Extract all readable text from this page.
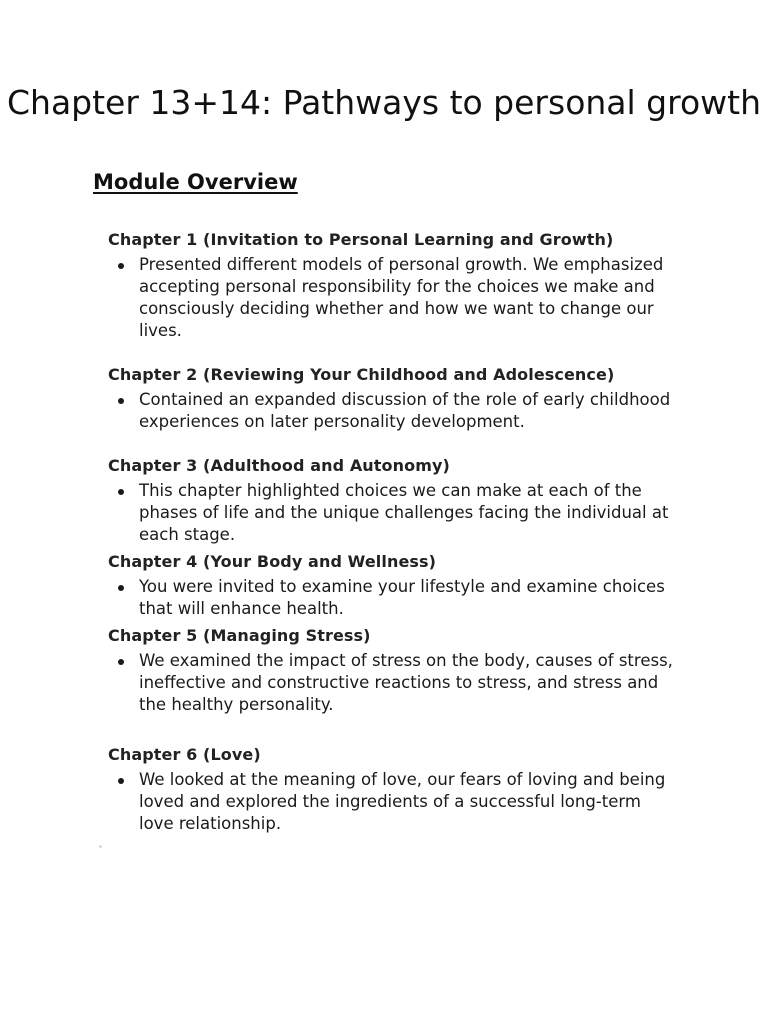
Chapter 13+14: Pathways to personal growth
Module Overview
Chapter 1 (Invitation to Personal Learning and Growth)
Presented different models of personal growth. We emphasized accepting personal responsibility for the choices we make and consciously deciding whether and how we want to change our lives.
Chapter 2 (Reviewing Your Childhood and Adolescence)
Contained an expanded discussion of the role of early childhood experiences on later personality development.
Chapter 3 (Adulthood and Autonomy)
This chapter highlighted choices we can make at each of the phases of life and the unique challenges facing the individual at each stage.
Chapter 4 (Your Body and Wellness)
You were invited to examine your lifestyle and examine choices that will enhance health.
Chapter 5 (Managing Stress)
We examined the impact of stress on the body, causes of stress, ineffective and constructive reactions to stress, and stress and the healthy personality.
Chapter 6 (Love)
We looked at the meaning of love, our fears of loving and being loved and explored the ingredients of a successful long-term love relationship.
